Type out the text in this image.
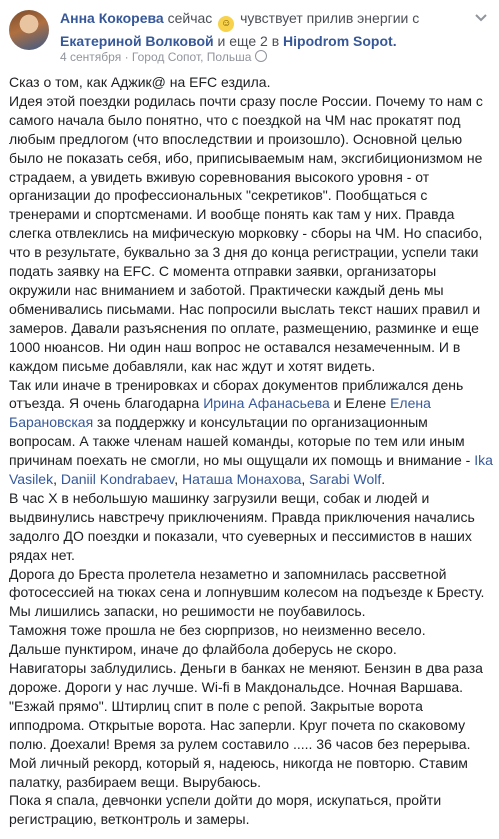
Анна Кокорева сейчас ☺ чувствует прилив энергии с Екатериной Волковой и еще 2 в Hipodrom Sopot.
4 сентября · Город Сопот, Польша

Сказ о том, как Аджик@ на EFC ездила.

Идея этой поездки родилась почти сразу после России. Почему то нам с самого начала было понятно, что с поездкой на ЧМ нас прокатят под любым предлогом (что впоследствии и произошло). Основной целью было не показать себя, ибо, приписываемым нам, эксгибиционизмом не страдаем, а увидеть вживую соревнования высокого уровня - от организации до профессиональных "секретиков". Пообщаться с тренерами и спортсменами. И вообще понять как там у них. Правда слегка отвлеклись на мифическую морковку - сборы на ЧМ. Но спасибо, что в результате, буквально за 3 дня до конца регистрации, успели таки подать заявку на EFC. С момента отправки заявки, организаторы окружили нас вниманием и заботой. Практически каждый день мы обменивались письмами. Нас попросили выслать текст наших правил и замеров. Давали разъяснения по оплате, размещению, разминке и еще 1000 нюансов. Ни один наш вопрос не оставался незамеченным. И в каждом письме добавляли, как нас ждут и хотят видеть.

Так или иначе в тренировках и сборах документов приближался день отъезда. Я очень благодарна Ирина Афанасьева и Елене Елена Барановская за поддержку и консультации по организационным вопросам. А также членам нашей команды, которые по тем или иным причинам поехать не смогли, но мы ощущали их помощь и внимание - Ika Vasilek, Daniil Kondrabaev, Наташа Монахова, Sarabi Wolf.

В час Х в небольшую машинку загрузили вещи, собак и людей и выдвинулись навстречу приключениям. Правда приключения начались задолго ДО поездки и показали, что суеверных и пессимистов в наших рядах нет.

Дорога до Бреста пролетела незаметно и запомнилась рассветной фотосессией на тюках сена и лопнувшим колесом на подъезде к Бресту. Мы лишились запаски, но решимости не поубавилось.

Таможня тоже прошла не без сюрпризов, но неизменно весело.

Дальше пунктиром, иначе до флайбола доберусь не скоро.

Навигаторы заблудились. Деньги в банках не меняют. Бензин в два раза дороже. Дороги у нас лучше. Wi-fi в Макдональдсе. Ночная Варшава. "Езжай прямо". Штирлиц спит в поле с репой. Закрытые ворота ипподрома. Открытые ворота. Нас заперли. Круг почета по скаковому полю. Доехали! Время за рулем составило ..... 36 часов без перерыва. Мой личный рекорд, который я, надеюсь, никогда не повторю. Ставим палатку, разбираем вещи. Вырубаюсь.

Пока я спала, девчонки успели дойти до моря, искупаться, пройти регистрацию, ветконтроль и замеры.
